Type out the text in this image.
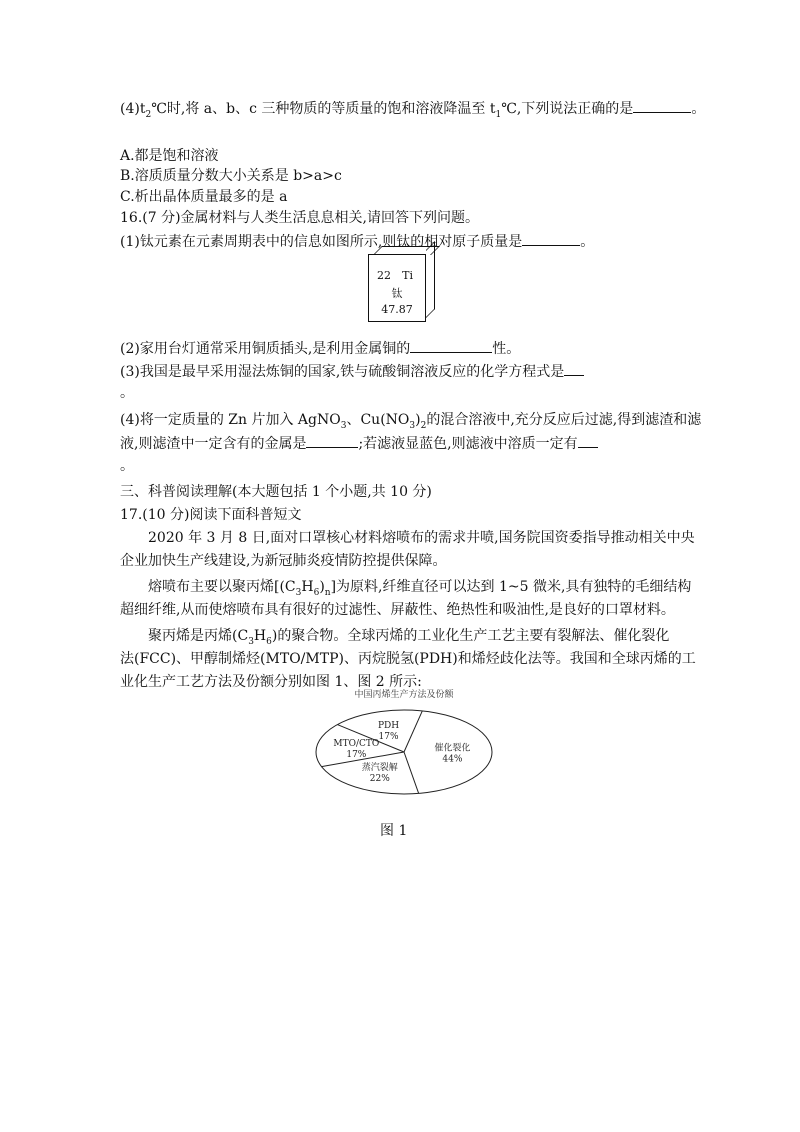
$(4)t_2℃$时,将 a、b、c 三种物质的等质量的饱和溶液降温至 $t_1℃$,下列说法正确的是	。
A.都是饱和溶液
B.溶质质量分数大小关系是 b>a>c
C.析出晶体质量最多的是 a
16.(7 分)金属材料与人类生活息息相关,请回答下列问题。
(1)钛元素在元素周期表中的信息如图所示,则钛的相对原子质量是	。
22 Ti
钛
47.87
(2)家用台灯通常采用铜质插头,是利用金属铜的	性。
(3)我国是最早采用湿法炼铜的国家,铁与硫酸铜溶液反应的化学方程式是
。
(4)将一定质量的 Zn 片加入 AgNO$_3$、$Cu(NO_3)_2$的混合溶液中,充分反应后过滤,得到滤渣和滤
液,则滤渣中一定含有的金属是	;若滤液显蓝色,则滤液中溶质一定有
。
三、科普阅读理解(本大题包括 1 个小题,共 10 分)
17.(10 分)阅读下面科普短文
2020 年 3 月 8 日,面对口罩核心材料熔喷布的需求井喷,国务院国资委指导推动相关中央
企业加快生产线建设,为新冠肺炎疫情防控提供保障。
熔喷布主要以聚丙烯$[(C_3H_6)_n]$为原料,纤维直径可以达到 1~5 微米,具有独特的毛细结构
超细纤维,从而使熔喷布具有很好的过滤性、屏蔽性、绝热性和吸油性,是良好的口罩材料。
聚丙烯是丙烯$(C_3H_6)$的聚合物。全球丙烯的工业化生产工艺主要有裂解法、催化裂化
法(FCC)、甲醇制烯烃(MTO/MTP)、丙烷脱氢(PDH)和烯烃歧化法等。我国和全球丙烯的工
业化生产工艺方法及份额分别如图 1、图 2 所示:
中国丙烯生产方法及份额
催化裂化
44%
蒸汽裂解
22%
MTO/CTO
17%
PDH
17%
图 1
